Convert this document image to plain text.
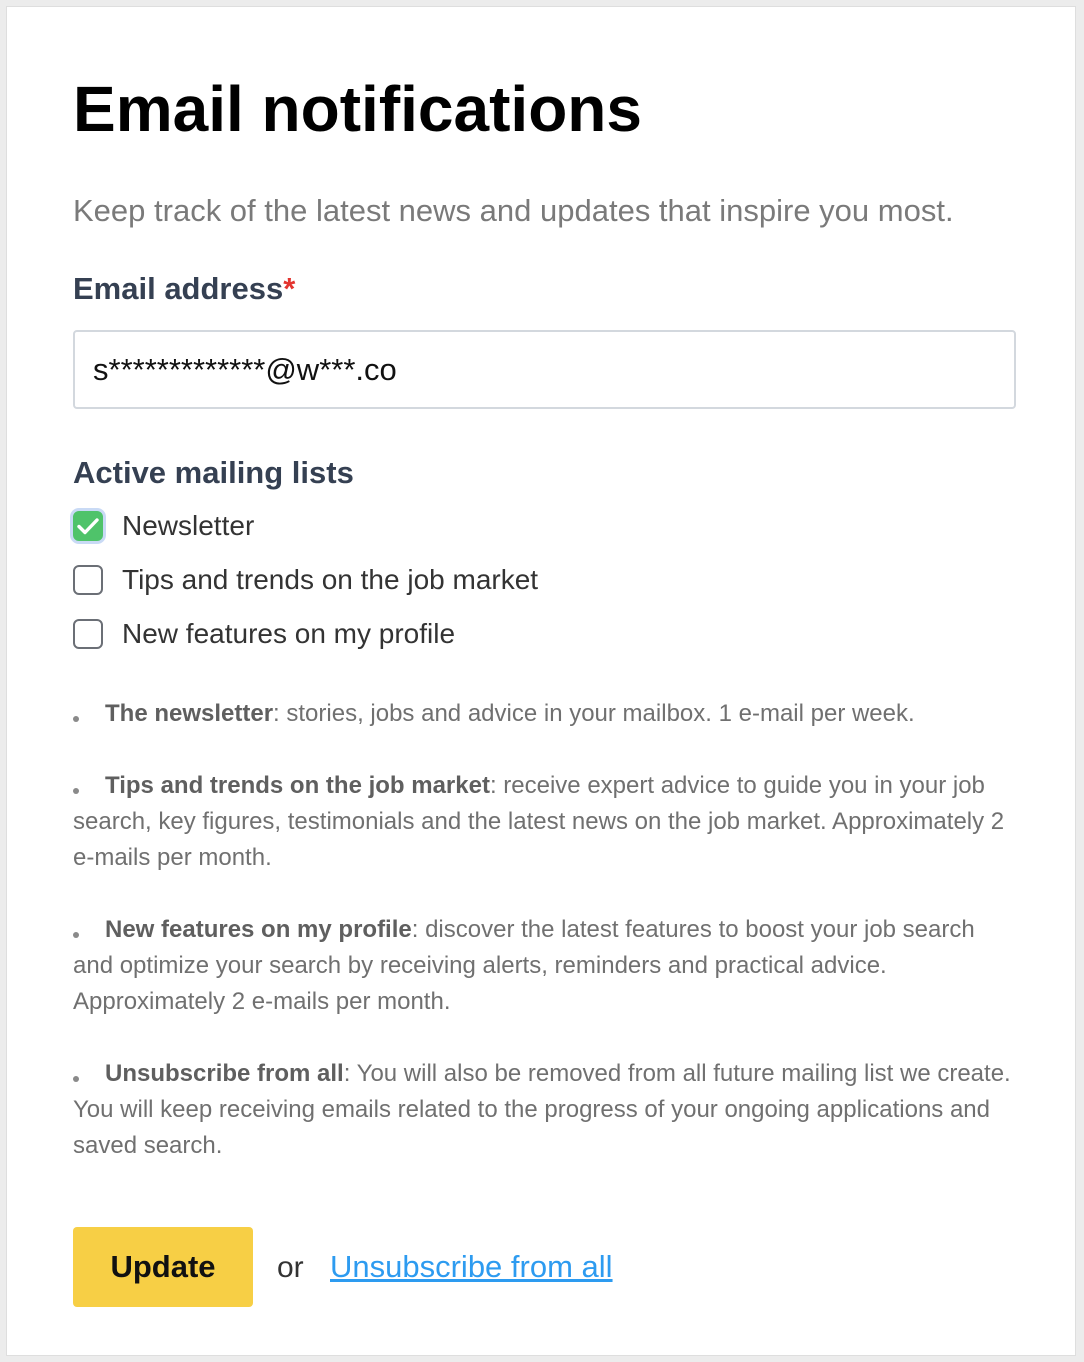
Email notifications

Keep track of the latest news and updates that inspire you most.

Email address*
s*************@w***.co
Active mailing lists
Newsletter
Tips and trends on the job market
New features on my profile
The newsletter: stories, jobs and advice in your mailbox. 1 e-mail per week.
Tips and trends on the job market: receive expert advice to guide you in your job search, key figures, testimonials and the latest news on the job market. Approximately 2 e-mails per month.
New features on my profile: discover the latest features to boost your job search and optimize your search by receiving alerts, reminders and practical advice. Approximately 2 e-mails per month.
Unsubscribe from all: You will also be removed from all future mailing list we create. You will keep receiving emails related to the progress of your ongoing applications and saved search.
Update	or Unsubscribe from all
